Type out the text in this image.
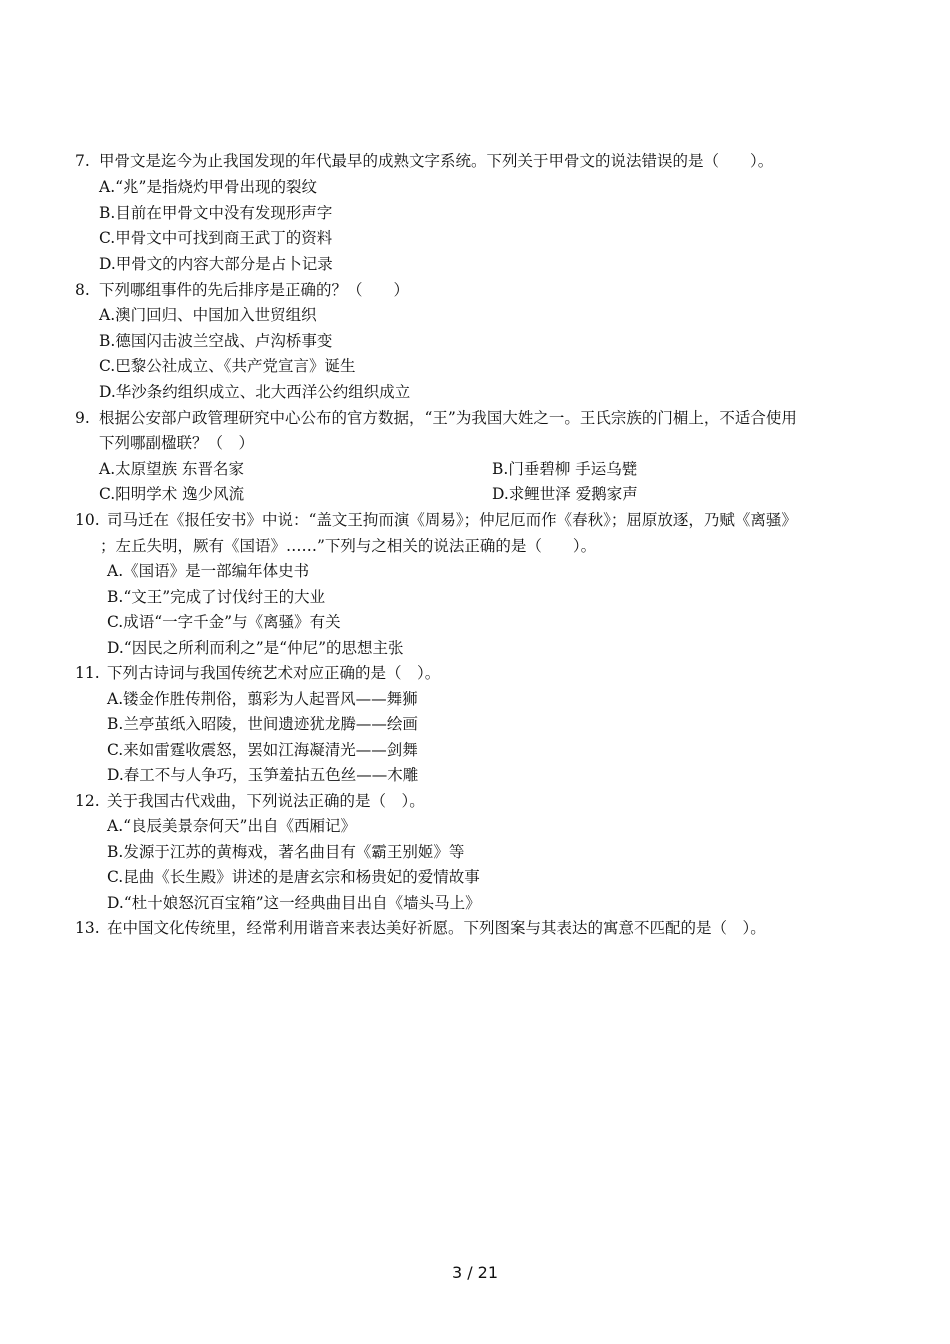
7. 甲骨文是迄今为止我国发现的年代最早的成熟文字系统。下列关于甲骨文的说法错误的是（　　）。
A.“兆”是指烧灼甲骨出现的裂纹
B.目前在甲骨文中没有发现形声字
C.甲骨文中可找到商王武丁的资料
D.甲骨文的内容大部分是占卜记录
8. 下列哪组事件的先后排序是正确的？（　　）
A.澳门回归、中国加入世贸组织
B.德国闪击波兰空战、卢沟桥事变
C.巴黎公社成立、《共产党宣言》诞生
D.华沙条约组织成立、北大西洋公约组织成立
9. 根据公安部户政管理研究中心公布的官方数据，“王”为我国大姓之一。王氏宗族的门楣上，不适合使用
下列哪副楹联？（　）
A.太原望族 东晋名家	B.门垂碧柳 手运乌甓
C.阳明学术 逸少风流	D.求鲤世泽 爱鹅家声
10. 司马迁在《报任安书》中说：“盖文王拘而演《周易》；仲尼厄而作《春秋》；屈原放逐，乃赋《离骚》
；左丘失明，厥有《国语》……”下列与之相关的说法正确的是（　　）。
A.《国语》是一部编年体史书
B.“文王”完成了讨伐纣王的大业
C.成语“一字千金”与《离骚》有关
D.“因民之所利而利之”是“仲尼”的思想主张
11. 下列古诗词与我国传统艺术对应正确的是（　）。
A.镂金作胜传荆俗，翦彩为人起晋风——舞狮
B.兰亭茧纸入昭陵，世间遗迹犹龙腾——绘画
C.来如雷霆收震怒，罢如江海凝清光——剑舞
D.春工不与人争巧，玉笋羞拈五色丝——木雕
12. 关于我国古代戏曲，下列说法正确的是（　）。
A.“良辰美景奈何天”出自《西厢记》
B.发源于江苏的黄梅戏，著名曲目有《霸王别姬》等
C.昆曲《长生殿》讲述的是唐玄宗和杨贵妃的爱情故事
D.“杜十娘怒沉百宝箱”这一经典曲目出自《墙头马上》
13. 在中国文化传统里，经常利用谐音来表达美好祈愿。下列图案与其表达的寓意不匹配的是（　）。
3 / 21
